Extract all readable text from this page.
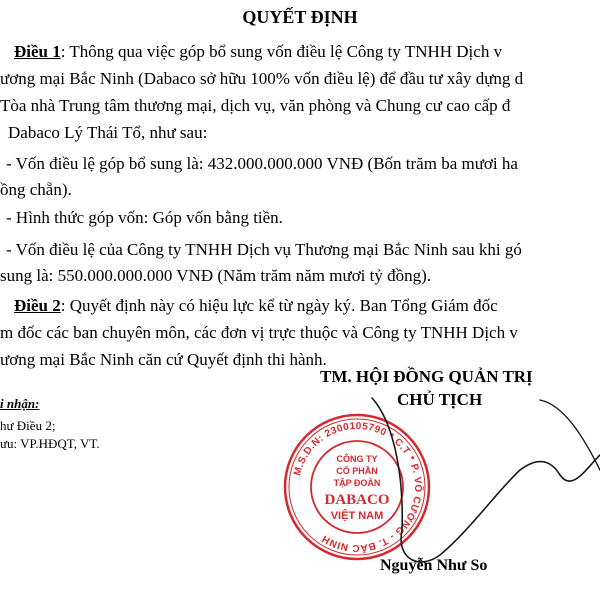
QUYẾT ĐỊNH
Điều 1: Thông qua việc góp bổ sung vốn điều lệ Công ty TNHH Dịch v
ương mại Bắc Ninh (Dabaco sở hữu 100% vốn điều lệ) để đầu tư xây dựng d
Tòa nhà Trung tâm thương mại, dịch vụ, văn phòng và Chung cư cao cấp đ
Dabaco Lý Thái Tổ, như sau:
- Vốn điều lệ góp bổ sung là: 432.000.000.000 VNĐ (Bốn trăm ba mươi ha
ồng chẵn).
- Hình thức góp vốn: Góp vốn bằng tiền.
- Vốn điều lệ của Công ty TNHH Dịch vụ Thương mại Bắc Ninh sau khi gó
sung là: 550.000.000.000 VNĐ (Năm trăm năm mươi tỷ đồng).
Điều 2: Quyết định này có hiệu lực kể từ ngày ký. Ban Tổng Giám đốc
m đốc các ban chuyên môn, các đơn vị trực thuộc và Công ty TNHH Dịch v
ương mại Bắc Ninh căn cứ Quyết định thi hành.
i nhận:
hư Điều 2;
ưu: VP.HĐQT, VT.
TM. HỘI ĐỒNG QUẢN TRỊ
CHỦ TỊCH
M.S.D.N: 2300105790 * C.T * P. VÕ CƯỜNG - T. BẮC NINH
CÔNG TY
CỔ PHẦN
TẬP ĐOÀN
DABACO
VIỆT NAM
Nguyễn Như So
